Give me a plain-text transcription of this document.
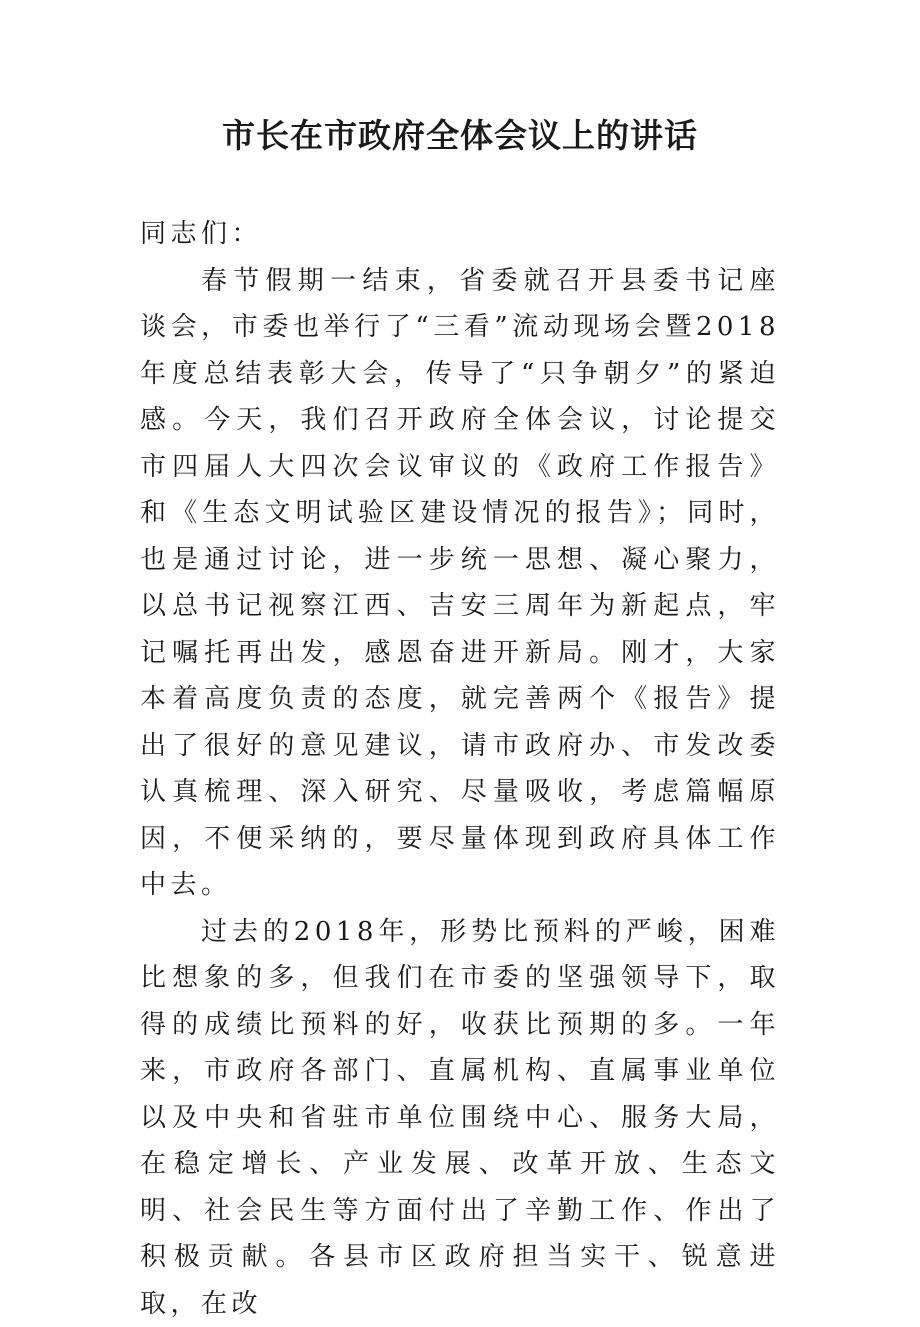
市长在市政府全体会议上的讲话

同志们：

春节假期一结束，省委就召开县委书记座谈会，市委也举行了“三看”流动现场会暨2018年度总结表彰大会，传导了“只争朝夕”的紧迫感。今天，我们召开政府全体会议，讨论提交市四届人大四次会议审议的《政府工作报告》和《生态文明试验区建设情况的报告》；同时，也是通过讨论，进一步统一思想、凝心聚力，以总书记视察江西、吉安三周年为新起点，牢记嘱托再出发，感恩奋进开新局。刚才，大家本着高度负责的态度，就完善两个《报告》提出了很好的意见建议，请市政府办、市发改委认真梳理、深入研究、尽量吸收，考虑篇幅原因，不便采纳的，要尽量体现到政府具体工作中去。

过去的2018年，形势比预料的严峻，困难比想象的多，但我们在市委的坚强领导下，取得的成绩比预料的好，收获比预期的多。一年来，市政府各部门、直属机构、直属事业单位以及中央和省驻市单位围绕中心、服务大局，在稳定增长、产业发展、改革开放、生态文明、社会民生等方面付出了辛勤工作、作出了积极贡献。各县市区政府担当实干、锐意进取，在改
